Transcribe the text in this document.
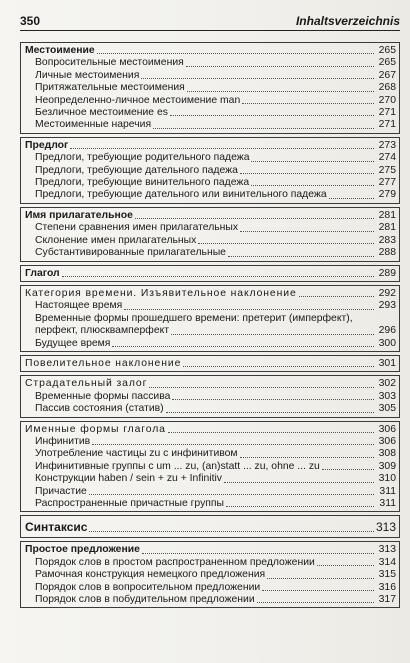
350	Inhaltsverzeichnis
Местоимение	265
Вопросительные местоимения	265
Личные местоимения	267
Притяжательные местоимения	268
Неопределенно-личное местоимение man	270
Безличное местоимение es	271
Местоименные наречия	271
Предлог	273
Предлоги, требующие родительного падежа	274
Предлоги, требующие дательного падежа	275
Предлоги, требующие винительного падежа	277
Предлоги, требующие дательного или винительного падежа	279
Имя прилагательное	281
Степени сравнения имен прилагательных	281
Склонение имен прилагательных	283
Субстантивированные прилагательные	288
Глагол	289
Категория времени. Изъявительное наклонение	292
Настоящее время	293
Временные формы прошедшего времени: претерит (имперфект),
перфект, плюсквамперфект	296
Будущее время	300
Повелительное наклонение	301
Страдательный залог	302
Временные формы пассива	303
Пассив состояния (статив)	305
Именные формы глагола	306
Инфинитив	306
Употребление частицы zu с инфинитивом	308
Инфинитивные группы с um ... zu, (an)statt ... zu, ohne ... zu	309
Конструкции haben / sein + zu + Infinitiv	310
Причастие	311
Распространенные причастные группы	311
Синтаксис	313
Простое предложение	313
Порядок слов в простом распространенном предложении	314
Рамочная конструкция немецкого предложения	315
Порядок слов в вопросительном предложении	316
Порядок слов в побудительном предложении	317
